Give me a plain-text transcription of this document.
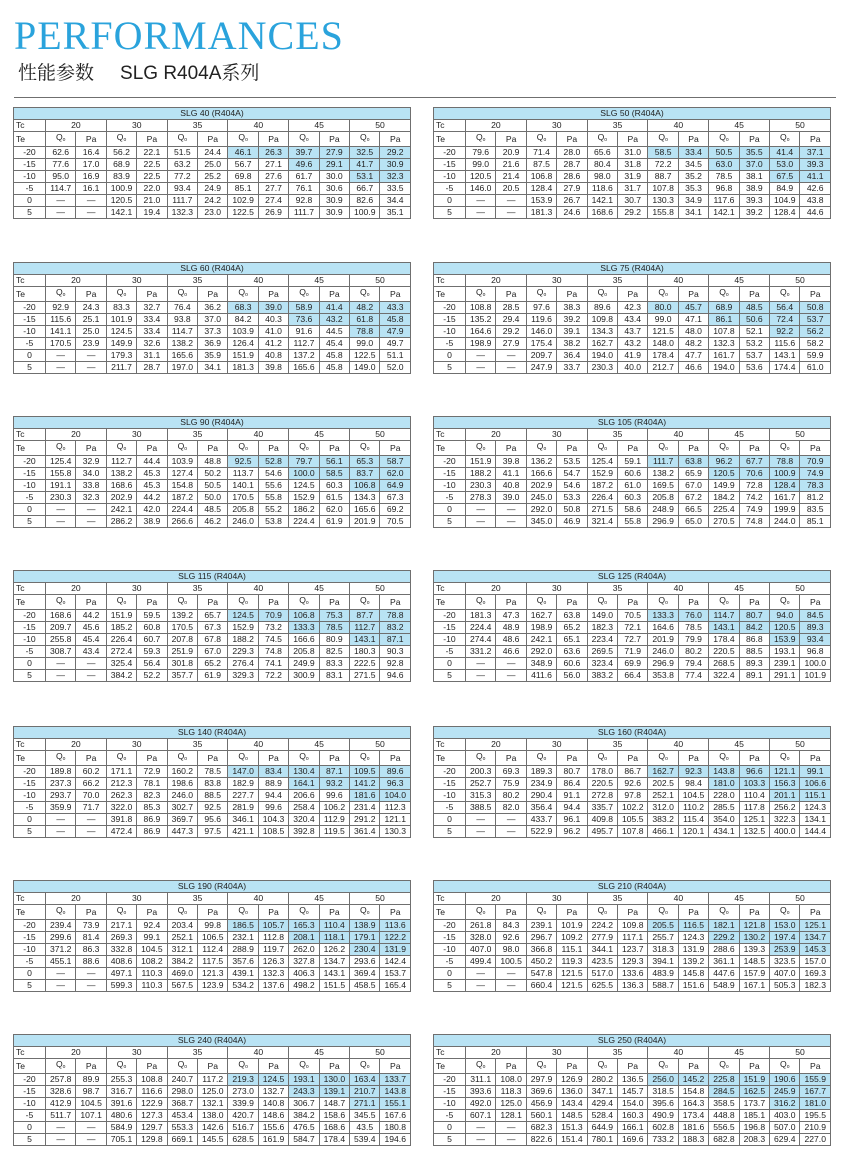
PERFORMANCES
性能参数 SLG R404A系列
SLG 40 (R404A)												
Tc	20		30		35		40		45		50	
Te	$Q_o$	Pa	$Q_o$	Pa	$Q_o$	Pa	$Q_o$	Pa	$Q_o$	Pa	$Q_o$	Pa
-20	62.6	16.4	56.2	22.1	51.5	24.4	46.1	26.3	39.7	27.9	32.5	29.2
-15	77.6	17.0	68.9	22.5	63.2	25.0	56.7	27.1	49.6	29.1	41.7	30.9
-10	95.0	16.9	83.9	22.5	77.2	25.2	69.8	27.6	61.7	30.0	53.1	32.3
-5	114.7	16.1	100.9	22.0	93.4	24.9	85.1	27.7	76.1	30.6	66.7	33.5
0	—	—	120.5	21.0	111.7	24.2	102.9	27.4	92.8	30.9	82.6	34.4
5	—	—	142.1	19.4	132.3	23.0	122.5	26.9	111.7	30.9	100.9	35.1
SLG 50 (R404A)												
Tc	20		30		35		40		45		50	
Te	$Q_o$	Pa	$Q_o$	Pa	$Q_o$	Pa	$Q_o$	Pa	$Q_o$	Pa	$Q_o$	Pa
-20	79.6	20.9	71.4	28.0	65.6	31.0	58.5	33.4	50.5	35.5	41.4	37.1
-15	99.0	21.6	87.5	28.7	80.4	31.8	72.2	34.5	63.0	37.0	53.0	39.3
-10	120.5	21.4	106.8	28.6	98.0	31.9	88.7	35.2	78.5	38.1	67.5	41.1
-5	146.0	20.5	128.4	27.9	118.6	31.7	107.8	35.3	96.8	38.9	84.9	42.6
0	—	—	153.9	26.7	142.1	30.7	130.3	34.9	117.6	39.3	104.9	43.8
5	—	—	181.3	24.6	168.6	29.2	155.8	34.1	142.1	39.2	128.4	44.6
SLG 60 (R404A)												
Tc	20		30		35		40		45		50	
Te	$Q_o$	Pa	$Q_o$	Pa	$Q_o$	Pa	$Q_o$	Pa	$Q_o$	Pa	$Q_o$	Pa
-20	92.9	24.3	83.3	32.7	76.4	36.2	68.3	39.0	58.9	41.4	48.2	43.3
-15	115.6	25.1	101.9	33.4	93.8	37.0	84.2	40.3	73.6	43.2	61.8	45.8
-10	141.1	25.0	124.5	33.4	114.7	37.3	103.9	41.0	91.6	44.5	78.8	47.9
-5	170.5	23.9	149.9	32.6	138.2	36.9	126.4	41.2	112.7	45.4	99.0	49.7
0	—	—	179.3	31.1	165.6	35.9	151.9	40.8	137.2	45.8	122.5	51.1
5	—	—	211.7	28.7	197.0	34.1	181.3	39.8	165.6	45.8	149.0	52.0
SLG 75 (R404A)												
Tc	20		30		35		40		45		50	
Te	$Q_o$	Pa	$Q_o$	Pa	$Q_o$	Pa	$Q_o$	Pa	$Q_o$	Pa	$Q_o$	Pa
-20	108.8	28.5	97.6	38.3	89.6	42.3	80.0	45.7	68.9	48.5	56.4	50.8
-15	135.2	29.4	119.6	39.2	109.8	43.4	99.0	47.1	86.1	50.6	72.4	53.7
-10	164.6	29.2	146.0	39.1	134.3	43.7	121.5	48.0	107.8	52.1	92.2	56.2
-5	198.9	27.9	175.4	38.2	162.7	43.2	148.0	48.2	132.3	53.2	115.6	58.2
0	—	—	209.7	36.4	194.0	41.9	178.4	47.7	161.7	53.7	143.1	59.9
5	—	—	247.9	33.7	230.3	40.0	212.7	46.6	194.0	53.6	174.4	61.0
SLG 90 (R404A)												
Tc	20		30		35		40		45		50	
Te	$Q_o$	Pa	$Q_o$	Pa	$Q_o$	Pa	$Q_o$	Pa	$Q_o$	Pa	$Q_o$	Pa
-20	125.4	32.9	112.7	44.4	103.9	48.8	92.5	52.8	79.7	56.1	65.3	58.7
-15	155.8	34.0	138.2	45.3	127.4	50.2	113.7	54.6	100.0	58.5	83.7	62.0
-10	191.1	33.8	168.6	45.3	154.8	50.5	140.1	55.6	124.5	60.3	106.8	64.9
-5	230.3	32.3	202.9	44.2	187.2	50.0	170.5	55.8	152.9	61.5	134.3	67.3
0	—	—	242.1	42.0	224.4	48.5	205.8	55.2	186.2	62.0	165.6	69.2
5	—	—	286.2	38.9	266.6	46.2	246.0	53.8	224.4	61.9	201.9	70.5
SLG 105 (R404A)												
Tc	20		30		35		40		45		50	
Te	$Q_o$	Pa	$Q_o$	Pa	$Q_o$	Pa	$Q_o$	Pa	$Q_o$	Pa	$Q_o$	Pa
-20	151.9	39.8	136.2	53.5	125.4	59.1	111.7	63.8	96.2	67.7	78.8	70.9
-15	188.2	41.1	166.6	54.7	152.9	60.6	138.2	65.9	120.5	70.6	100.9	74.9
-10	230.3	40.8	202.9	54.6	187.2	61.0	169.5	67.0	149.9	72.8	128.4	78.3
-5	278.3	39.0	245.0	53.3	226.4	60.3	205.8	67.2	184.2	74.2	161.7	81.2
0	—	—	292.0	50.8	271.5	58.6	248.9	66.5	225.4	74.9	199.9	83.5
5	—	—	345.0	46.9	321.4	55.8	296.9	65.0	270.5	74.8	244.0	85.1
SLG 115 (R404A)												
Tc	20		30		35		40		45		50	
Te	$Q_o$	Pa	$Q_o$	Pa	$Q_o$	Pa	$Q_o$	Pa	$Q_o$	Pa	$Q_o$	Pa
-20	168.6	44.2	151.9	59.5	139.2	65.7	124.5	70.9	106.8	75.3	87.7	78.8
-15	209.7	45.6	185.2	60.8	170.5	67.3	152.9	73.2	133.3	78.5	112.7	83.2
-10	255.8	45.4	226.4	60.7	207.8	67.8	188.2	74.5	166.6	80.9	143.1	87.1
-5	308.7	43.4	272.4	59.3	251.9	67.0	229.3	74.8	205.8	82.5	180.3	90.3
0	—	—	325.4	56.4	301.8	65.2	276.4	74.1	249.9	83.3	222.5	92.8
5	—	—	384.2	52.2	357.7	61.9	329.3	72.2	300.9	83.1	271.5	94.6
SLG 125 (R404A)												
Tc	20		30		35		40		45		50	
Te	$Q_o$	Pa	$Q_o$	Pa	$Q_o$	Pa	$Q_o$	Pa	$Q_o$	Pa	$Q_o$	Pa
-20	181.3	47.3	162.7	63.8	149.0	70.5	133.3	76.0	114.7	80.7	94.0	84.5
-15	224.4	48.9	198.9	65.2	182.3	72.1	164.6	78.5	143.1	84.2	120.5	89.3
-10	274.4	48.6	242.1	65.1	223.4	72.7	201.9	79.9	178.4	86.8	153.9	93.4
-5	331.2	46.6	292.0	63.6	269.5	71.9	246.0	80.2	220.5	88.5	193.1	96.8
0	—	—	348.9	60.6	323.4	69.9	296.9	79.4	268.5	89.3	239.1	100.0
5	—	—	411.6	56.0	383.2	66.4	353.8	77.4	322.4	89.1	291.1	101.9
SLG 140 (R404A)												
Tc	20		30		35		40		45		50	
Te	$Q_o$	Pa	$Q_o$	Pa	$Q_o$	Pa	$Q_o$	Pa	$Q_o$	Pa	$Q_o$	Pa
-20	189.8	60.2	171.1	72.9	160.2	78.5	147.0	83.4	130.4	87.1	109.5	89.6
-15	237.3	66.2	212.3	78.1	198.6	83.8	182.9	88.9	164.1	93.2	141.2	96.3
-10	293.7	70.0	262.3	82.3	246.0	88.5	227.7	94.4	206.6	99.6	181.6	104.0
-5	359.9	71.7	322.0	85.3	302.7	92.5	281.9	99.6	258.4	106.2	231.4	112.3
0	—	—	391.8	86.9	369.7	95.6	346.1	104.3	320.4	112.9	291.2	121.1
5	—	—	472.4	86.9	447.3	97.5	421.1	108.5	392.8	119.5	361.4	130.3
SLG 160 (R404A)												
Tc	20		30		35		40		45		50	
Te	$Q_o$	Pa	$Q_o$	Pa	$Q_o$	Pa	$Q_o$	Pa	$Q_o$	Pa	$Q_o$	Pa
-20	200.3	69.3	189.3	80.7	178.0	86.7	162.7	92.3	143.8	96.6	121.1	99.1
-15	252.7	75.9	234.9	86.4	220.5	92.6	202.5	98.4	181.0	103.3	156.3	106.6
-10	315.3	80.2	290.4	91.1	272.8	97.8	252.1	104.5	228.0	110.4	201.1	115.1
-5	388.5	82.0	356.4	94.4	335.7	102.2	312.0	110.2	285.5	117.8	256.2	124.3
0	—	—	433.7	96.1	409.8	105.5	383.2	115.4	354.0	125.1	322.3	134.1
5	—	—	522.9	96.2	495.7	107.8	466.1	120.1	434.1	132.5	400.0	144.4
SLG 190 (R404A)												
Tc	20		30		35		40		45		50	
Te	$Q_o$	Pa	$Q_o$	Pa	$Q_o$	Pa	$Q_o$	Pa	$Q_o$	Pa	$Q_o$	Pa
-20	239.4	73.9	217.1	92.4	203.4	99.8	186.5	105.7	165.3	110.4	138.9	113.6
-15	299.6	81.4	269.3	99.1	252.1	106.5	232.1	112.8	208.1	118.1	179.1	122.2
-10	371.2	86.3	332.8	104.5	312.1	112.4	288.9	119.7	262.0	126.2	230.4	131.9
-5	455.1	88.6	408.6	108.2	384.2	117.5	357.6	126.3	327.8	134.7	293.6	142.4
0	—	—	497.1	110.3	469.0	121.3	439.1	132.3	406.3	143.1	369.4	153.7
5	—	—	599.3	110.3	567.5	123.9	534.2	137.6	498.2	151.5	458.5	165.4
SLG 210 (R404A)												
Tc	20		30		35		40		45		50	
Te	$Q_o$	Pa	$Q_o$	Pa	$Q_o$	Pa	$Q_o$	Pa	$Q_o$	Pa	$Q_o$	Pa
-20	261.8	84.3	239.1	101.9	224.2	109.8	205.5	116.5	182.1	121.8	153.0	125.1
-15	328.0	92.6	296.7	109.2	277.9	117.1	255.7	124.3	229.2	130.2	197.4	134.7
-10	407.0	98.0	366.8	115.1	344.1	123.7	318.3	131.9	288.6	139.3	253.9	145.3
-5	499.4	100.5	450.2	119.3	423.5	129.3	394.1	139.2	361.1	148.5	323.5	157.0
0	—	—	547.8	121.5	517.0	133.6	483.9	145.8	447.6	157.9	407.0	169.3
5	—	—	660.4	121.5	625.5	136.3	588.7	151.6	548.9	167.1	505.3	182.3
SLG 240 (R404A)												
Tc	20		30		35		40		45		50	
Te	$Q_o$	Pa	$Q_o$	Pa	$Q_o$	Pa	$Q_o$	Pa	$Q_o$	Pa	$Q_o$	Pa
-20	257.8	89.9	255.3	108.8	240.7	117.2	219.3	124.5	193.1	130.0	163.4	133.7
-15	328.6	98.7	316.7	116.6	298.0	125.0	273.0	132.7	243.3	139.1	210.7	143.8
-10	412.9	104.5	391.6	122.9	368.7	132.1	339.9	140.8	306.7	148.7	271.1	155.1
-5	511.7	107.1	480.6	127.3	453.4	138.0	420.7	148.6	384.2	158.6	345.5	167.6
0	—	—	584.9	129.7	553.3	142.6	516.7	155.6	476.5	168.6	43.5	180.8
5	—	—	705.1	129.8	669.1	145.5	628.5	161.9	584.7	178.4	539.4	194.6
SLG 250 (R404A)												
Tc	20		30		35		40		45		50	
Te	$Q_o$	Pa	$Q_o$	Pa	$Q_o$	Pa	$Q_o$	Pa	$Q_o$	Pa	$Q_o$	Pa
-20	311.1	108.0	297.9	126.9	280.2	136.5	256.0	145.2	225.8	151.9	190.6	155.9
-15	393.6	118.3	369.6	136.0	347.1	145.7	318.5	154.8	284.5	162.5	245.9	167.7
-10	492.0	125.0	456.9	143.4	429.4	154.0	395.6	164.3	358.5	173.7	316.2	181.0
-5	607.1	128.1	560.1	148.5	528.4	160.3	490.9	173.4	448.8	185.1	403.0	195.5
0	—	—	682.3	151.3	644.9	166.1	602.8	181.6	556.5	196.8	507.0	210.9
5	—	—	822.6	151.4	780.1	169.6	733.2	188.3	682.8	208.3	629.4	227.0
